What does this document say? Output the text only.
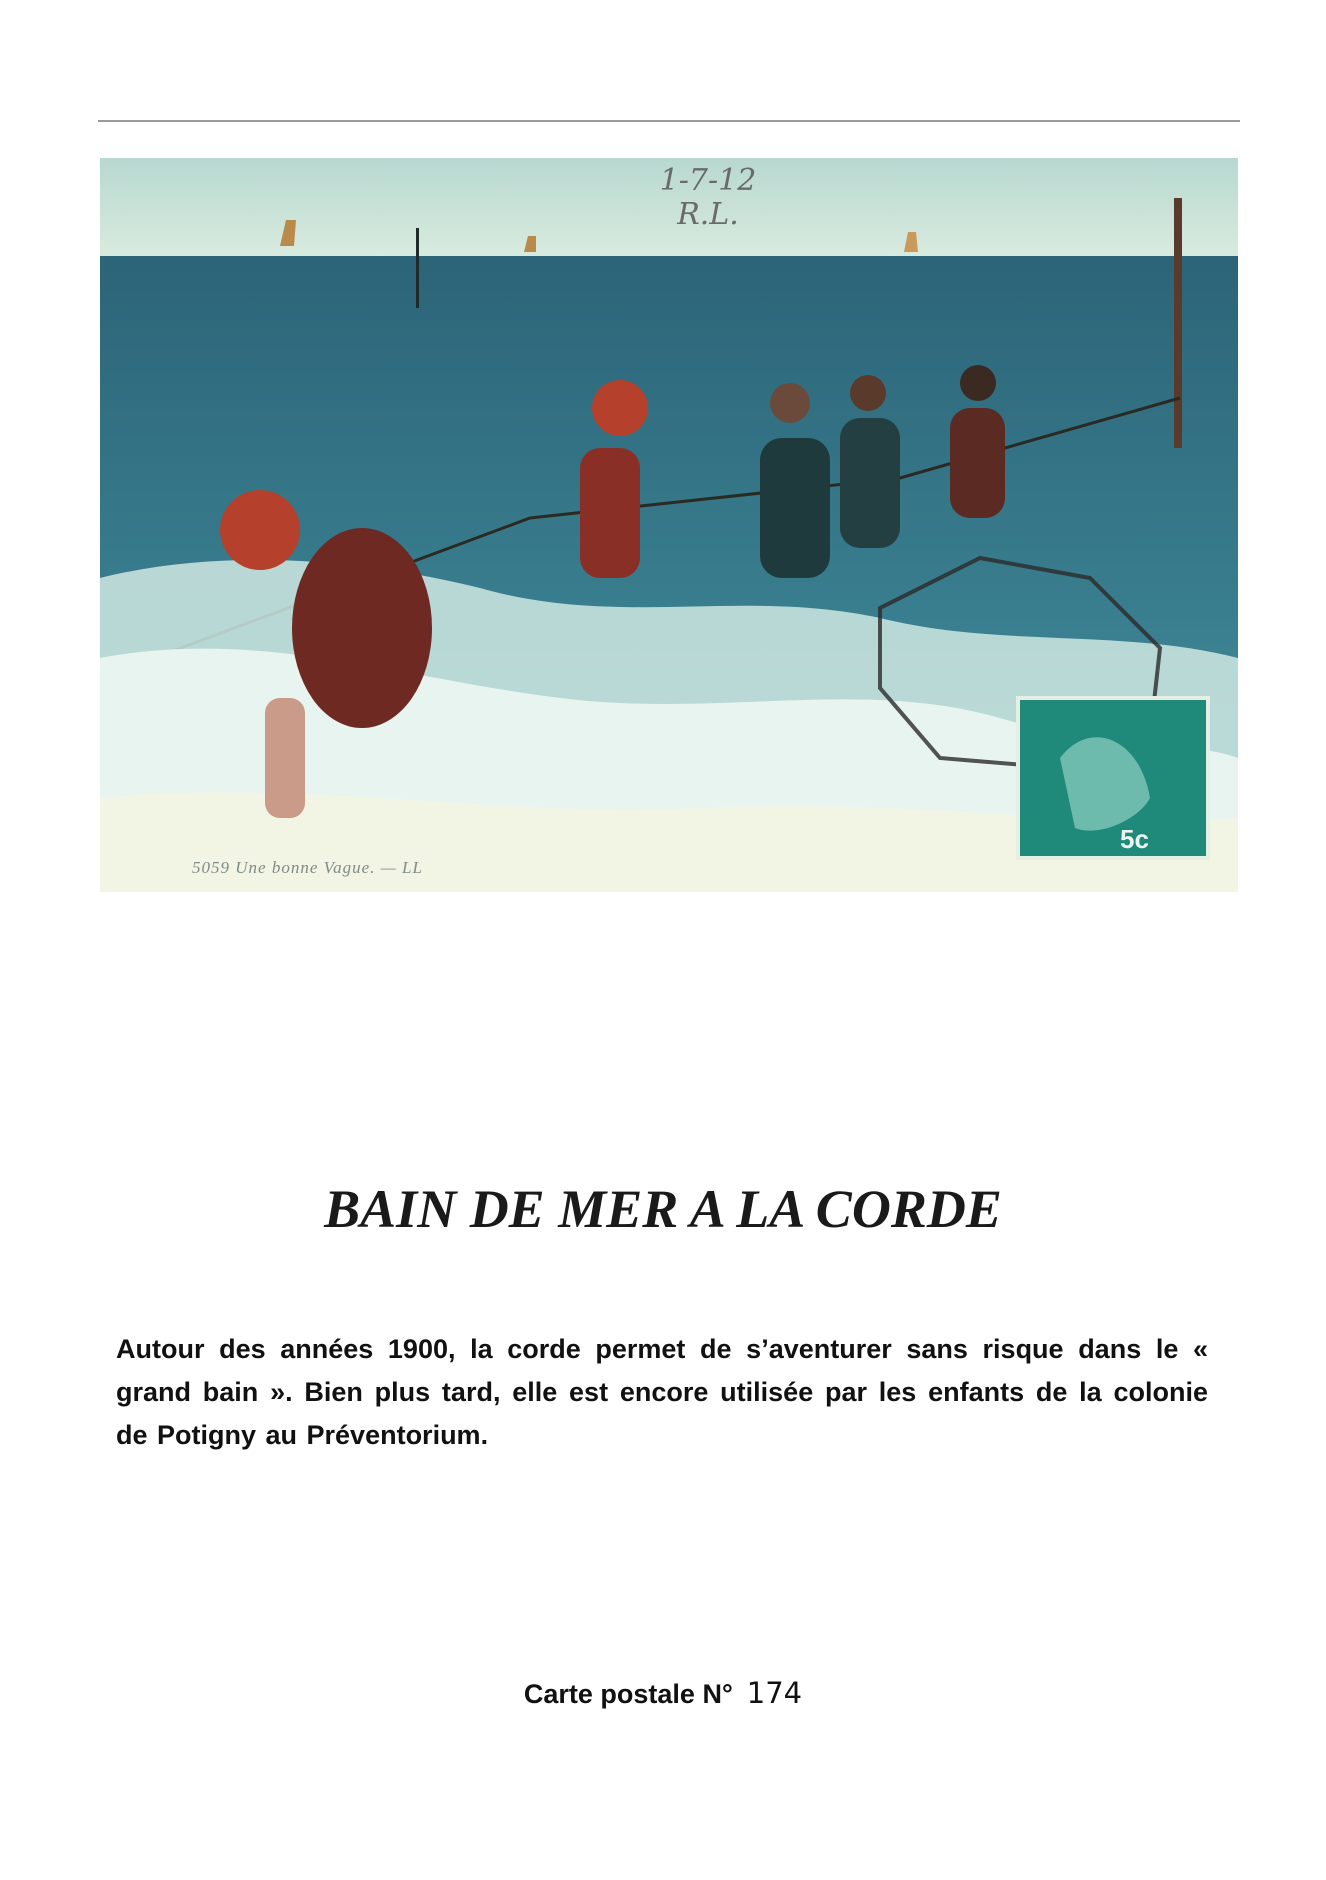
1-7-12
R.L.
5059 Une bonne Vague. — LL
5c
BAIN DE MER A LA CORDE

Autour des années 1900, la corde permet de s’aventurer sans risque dans le « grand bain ». Bien plus tard, elle est encore utilisée par les enfants de la colonie de Potigny au Préventorium.

Carte postale N° 174
